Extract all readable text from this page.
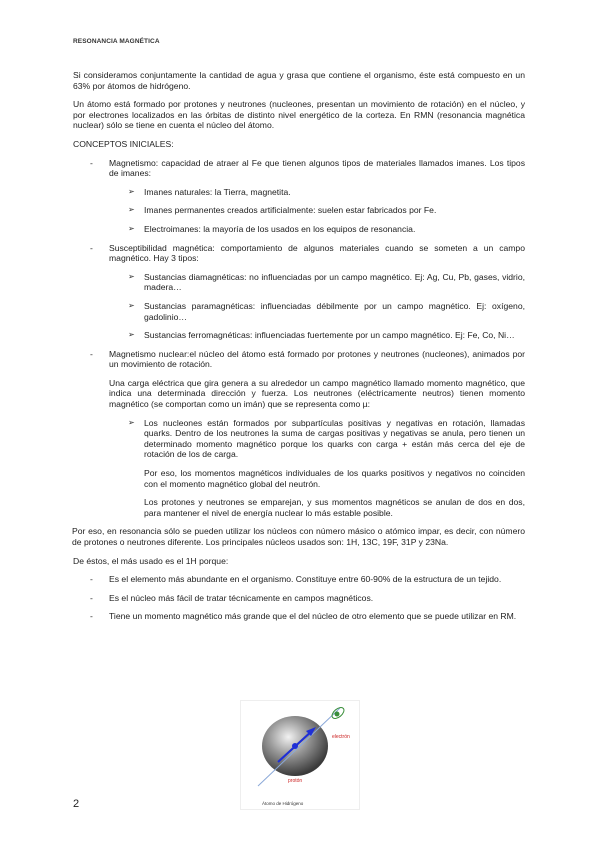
RESONANCIA MAGNÉTICA

Si consideramos conjuntamente la cantidad de agua y grasa que contiene el organismo, éste está compuesto en un 63% por átomos de hidrógeno.

Un átomo está formado por protones y neutrones (nucleones, presentan un movimiento de rotación) en el núcleo, y por electrones localizados en las órbitas de distinto nivel energético de la corteza. En RMN (resonancia magnética nuclear) sólo se tiene en cuenta el núcleo del átomo.

CONCEPTOS INICIALES:

- Magnetismo: capacidad de atraer al Fe que tienen algunos tipos de materiales llamados imanes. Los tipos de imanes:
➢ Imanes naturales: la Tierra, magnetita.
➢ Imanes permanentes creados artificialmente: suelen estar fabricados por Fe.
➢ Electroimanes: la mayoría de los usados en los equipos de resonancia.
- Susceptibilidad magnética: comportamiento de algunos materiales cuando se someten a un campo magnético. Hay 3 tipos:
➢ Sustancias diamagnéticas: no influenciadas por un campo magnético. Ej: Ag, Cu, Pb, gases, vidrio, madera…
➢ Sustancias paramagnéticas: influenciadas débilmente por un campo magnético. Ej: oxígeno, gadolinio…
➢ Sustancias ferromagnéticas: influenciadas fuertemente por un campo magnético. Ej: Fe, Co, Ni…
- Magnetismo nuclear:el núcleo del átomo está formado por protones y neutrones (nucleones), animados por un movimiento de rotación.

Una carga eléctrica que gira genera a su alrededor un campo magnético llamado momento magnético, que indica una determinada dirección y fuerza. Los neutrones (eléctricamente neutros) tienen momento magnético (se comportan como un imán) que se representa como µ:

➢ Los nucleones están formados por subpartículas positivas y negativas en rotación, llamadas quarks. Dentro de los neutrones la suma de cargas positivas y negativas se anula, pero tienen un determinado momento magnético porque los quarks con carga + están más cerca del eje de rotación de los de carga.

Por eso, los momentos magnéticos individuales de los quarks positivos y negativos no coinciden con el momento magnético global del neutrón.

Los protones y neutrones se emparejan, y sus momentos magnéticos se anulan de dos en dos, para mantener el nivel de energía nuclear lo más estable posible.

Por eso, en resonancia sólo se pueden utilizar los núcleos con número másico o atómico impar, es decir, con número de protones o neutrones diferente. Los principales núcleos usados son: 1H, 13C, 19F, 31P y 23Na.

De éstos, el más usado es el 1H porque:

- Es el elemento más abundante en el organismo. Constituye entre 60-90% de la estructura de un tejido.
- Es el núcleo más fácil de tratar técnicamente en campos magnéticos.
- Tiene un momento magnético más grande que el del núcleo de otro elemento que se puede utilizar en RM.
electrón
protón
Átomo de Hidrógeno
2
